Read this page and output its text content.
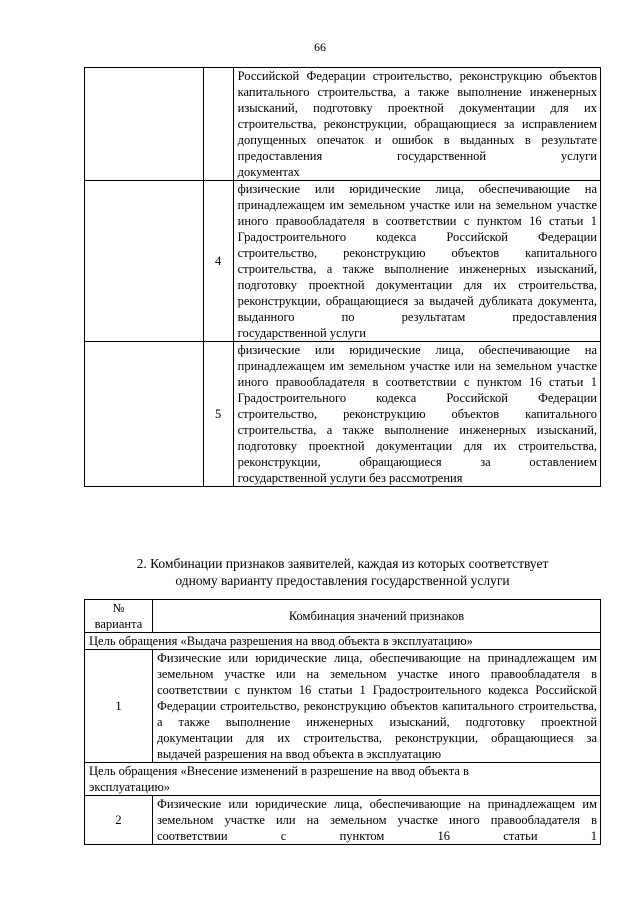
66
		Российской Федерации строительство, реконструкцию объектов капитального строительства, а также выполнение инженерных изысканий, подготовку проектной документации для их строительства, реконструкции, обращающиеся за исправлением допущенных опечаток и ошибок в выданных в результате предоставления государственной услуги
документах

	4	физические или юридические лица, обеспечивающие на принадлежащем им земельном участке или на земельном участке иного правообладателя в соответствии с пунктом 16 статьи 1 Градостроительного кодекса Российской Федерации строительство, реконструкцию объектов капитального строительства, а также выполнение инженерных изысканий, подготовку проектной документации для их строительства, реконструкции, обращающиеся за выдачей дубликата документа, выданного по результатам предоставления
государственной услуги

	5	физические или юридические лица, обеспечивающие на принадлежащем им земельном участке или на земельном участке иного правообладателя в соответствии с пунктом 16 статьи 1 Градостроительного кодекса Российской Федерации строительство, реконструкцию объектов капитального строительства, а также выполнение инженерных изысканий, подготовку проектной документации для их строительства, реконструкции, обращающиеся за оставлением
государственной услуги без рассмотрения
2. Комбинации признаков заявителей, каждая из которых соответствует
одному варианту предоставления государственной услуги
№
варианта	Комбинация значений признаков
Цель обращения «Выдача разрешения на ввод объекта в эксплуатацию»	
1	Физические или юридические лица, обеспечивающие на принадлежащем им земельном участке или на земельном участке иного правообладателя в соответствии с пунктом 16 статьи 1 Градостроительного кодекса Российской Федерации строительство, реконструкцию объектов капитального строительства, а также выполнение инженерных изысканий, подготовку проектной документации для их строительства, реконструкции, обращающиеся за
выдачей разрешения на ввод объекта в эксплуатацию

Цель обращения «Внесение изменений в разрешение на ввод объекта в
эксплуатацию»	

2	Физические или юридические лица, обеспечивающие на принадлежащем им земельном участке или на земельном участке иного правообладателя в соответствии с пунктом 16 статьи 1
